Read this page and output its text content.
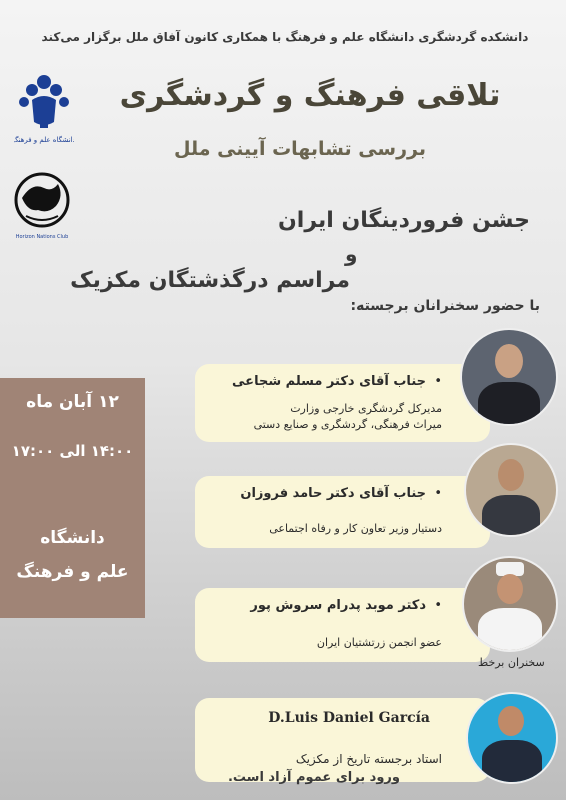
دانشکده گردشگری دانشگاه علم و فرهنگ با همکاری کانون آفاق ملل برگزار می‌کند
دانشگاه علم و فرهنگ
Horizon Nations Club
تلاقی فرهنگ و گردشگری
بررسی تشابهات آیینی ملل
جشن فروردینگان ایران
و
مراسم درگذشتگان مکزیک
با حضور سخنرانان برجسته:
۱۲ آبان ماه
۱۴:۰۰ الی ۱۷:۰۰
دانشگاه
علم و فرهنگ
•
جناب آقای دکتر مسلم شجاعی
مدیرکل گردشگری خارجی وزارت
میراث فرهنگی، گردشگری و صنایع دستی
•
جناب آقای دکتر حامد فروزان
دستیار وزیر تعاون کار و رفاه اجتماعی
•
دکتر موبد پدرام سروش پور
عضو انجمن زرتشتیان ایران
سخنران برخط
D.Luis Daniel García
استاد برجسته تاریخ از مکزیک
ورود برای عموم آزاد است.
